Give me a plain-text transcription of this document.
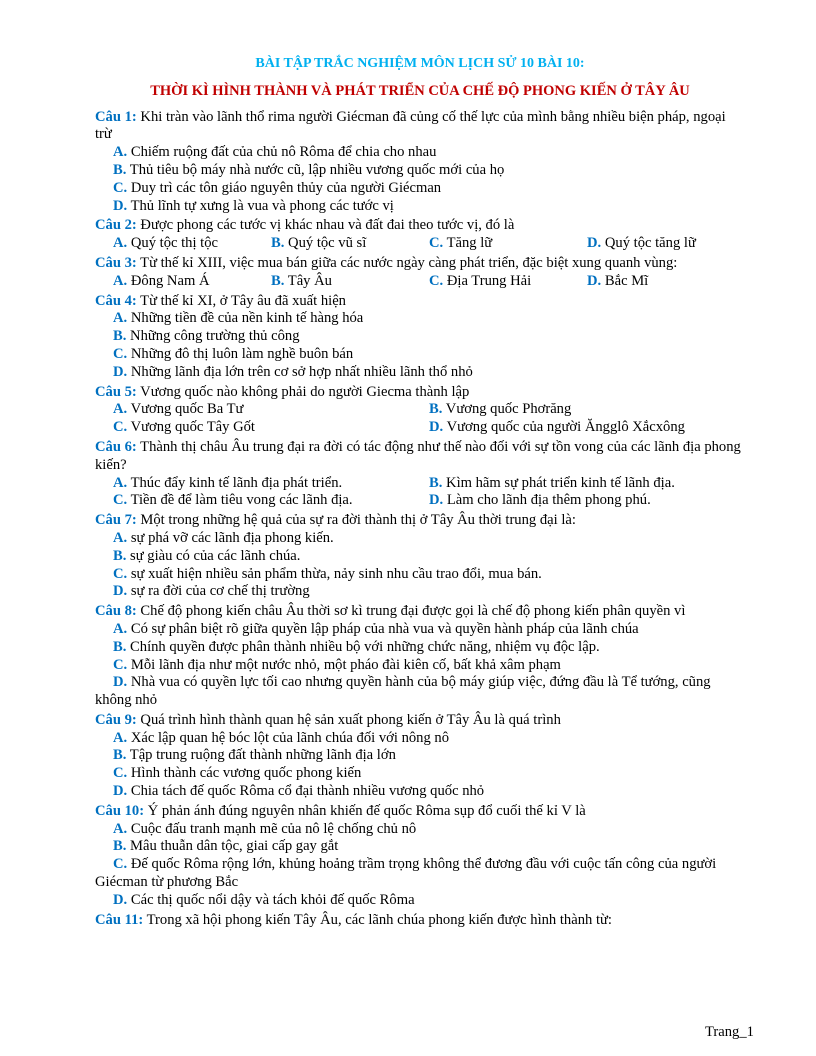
BÀI TẬP TRẮC NGHIỆM MÔN LỊCH SỬ 10 BÀI 10:
THỜI KÌ HÌNH THÀNH VÀ PHÁT TRIỂN CỦA CHẾ ĐỘ PHONG KIẾN Ở TÂY ÂU
Câu 1: Khi tràn vào lãnh thổ rima người Giécman đã củng cố thế lực của mình bằng nhiều biện pháp, ngoại trừ
A. Chiếm ruộng đất của chủ nô Rôma để chia cho nhau
B. Thủ tiêu bộ máy nhà nước cũ, lập nhiều vương quốc mới của họ
C. Duy trì các tôn giáo nguyên thủy của người Giécman
D. Thủ lĩnh tự xưng là vua và phong các tước vị
Câu 2: Được phong các tước vị khác nhau và đất đai theo tước vị, đó là
A. Quý tộc thị tộc	B. Quý tộc vũ sĩ	C. Tăng lữ	D. Quý tộc tăng lữ
Câu 3: Từ thế kỉ XIII, việc mua bán giữa các nước ngày càng phát triển, đặc biệt xung quanh vùng:
A. Đông Nam Á	B. Tây Âu	C. Địa Trung Hải	D. Bắc Mĩ
Câu 4: Từ thế kỉ XI, ở Tây âu đã xuất hiện
A. Những tiền đề của nền kinh tế hàng hóa
B. Những công trường thủ công
C. Những đô thị luôn làm nghề buôn bán
D. Những lãnh địa lớn trên cơ sở hợp nhất nhiều lãnh thổ nhỏ
Câu 5: Vương quốc nào không phải do người Giecma thành lập
A. Vương quốc Ba Tư	B. Vương quốc Phơrăng
C. Vương quốc Tây Gốt	D. Vương quốc của người Ăngglô Xắcxông
Câu 6: Thành thị châu Âu trung đại ra đời có tác động như thế nào đối với sự tồn vong của các lãnh địa phong kiến?
A. Thúc đẩy kinh tế lãnh địa phát triển.	B. Kìm hãm sự phát triển kinh tế lãnh địa.
C. Tiền đề để làm tiêu vong các lãnh địa.	D. Làm cho lãnh địa thêm phong phú.
Câu 7: Một trong những hệ quả của sự ra đời thành thị ở Tây Âu thời trung đại là:
A. sự phá vỡ các lãnh địa phong kiến.
B. sự giàu có của các lãnh chúa.
C. sự xuất hiện nhiều sản phẩm thừa, nảy sinh nhu cầu trao đổi, mua bán.
D. sự ra đời của cơ chế thị trường
Câu 8: Chế độ phong kiến châu Âu thời sơ kì trung đại được gọi là chế độ phong kiến phân quyền vì
A. Có sự phân biệt rõ giữa quyền lập pháp của nhà vua và quyền hành pháp của lãnh chúa
B. Chính quyền được phân thành nhiều bộ với những chức năng, nhiệm vụ độc lập.
C. Mỗi lãnh địa như một nước nhỏ, một pháo đài kiên cố, bất khả xâm phạm
D. Nhà vua có quyền lực tối cao nhưng quyền hành của bộ máy giúp việc, đứng đầu là Tể tướng, cũng không nhỏ
Câu 9: Quá trình hình thành quan hệ sản xuất phong kiến ở Tây Âu là quá trình
A. Xác lập quan hệ bóc lột của lãnh chúa đối với nông nô
B. Tập trung ruộng đất thành những lãnh địa lớn
C. Hình thành các vương quốc phong kiến
D. Chia tách đế quốc Rôma cổ đại thành nhiều vương quốc nhỏ
Câu 10: Ý phản ánh đúng nguyên nhân khiến đế quốc Rôma sụp đổ cuối thế kỉ V là
A. Cuộc đấu tranh mạnh mẽ của nô lệ chống chủ nô
B. Mâu thuẫn dân tộc, giai cấp gay gắt
C. Đế quốc Rôma rộng lớn, khủng hoảng trầm trọng không thể đương đầu với cuộc tấn công của người Giécman từ phương Bắc
D. Các thị quốc nổi dậy và tách khỏi đế quốc Rôma
Câu 11: Trong xã hội phong kiến Tây Âu, các lãnh chúa phong kiến được hình thành từ:
Trang_1
